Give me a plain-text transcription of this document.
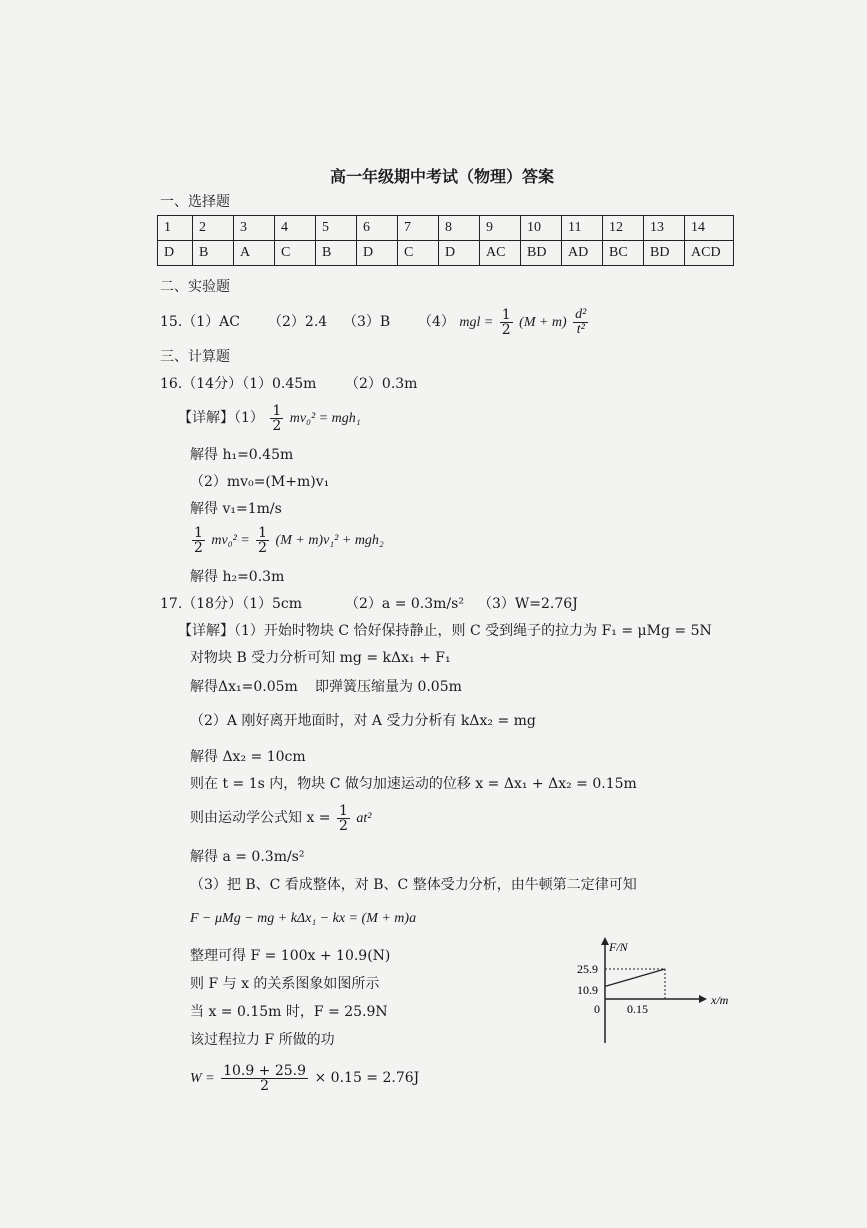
高一年级期中考试（物理）答案
一、选择题
1	2	3	4	5	6	7	8	9	10	11	12	13	14
D	B	A	C	B	D	C	D	AC	BD	AD	BC	BD	ACD
二、实验题
15.（1）AC （2）2.4 （3）B （4） mgl = $\frac{1}{2} (M + m) \frac{\text{d²}}{\text{t²}}$
三、计算题
16.（14分）（1）0.45m （2）0.3m
【详解】$(1) \frac{1}{2} mv_0^2 = mgh_1$
解得 h₁=0.45m
（2）mv₀=(M+m)v₁
解得 v₁=1m/s
$\frac{1}{2} mv_0^2 = \frac{1}{2} (M + m)v_1^2 + mgh_2$
解得 h₂=0.3m
17.（18分）（1）5cm	（2）a = 0.3m/s² （3）W=2.76J
【详解】（1）开始时物块 C 恰好保持静止，则 C 受到绳子的拉力为 F₁ = μMg = 5N
对物块 B 受力分析可知 mg = kΔx₁ + F₁
解得Δx₁=0.05m 即弹簧压缩量为 0.05m
（2）A 刚好离开地面时，对 A 受力分析有 kΔx₂ = mg
解得 Δx₂ = 10cm
则在 t = 1s 内，物块 C 做匀加速运动的位移 x = Δx₁ + Δx₂ = 0.15m
则由运动学公式知 $x = \frac{1}{2} at^2$
解得 a = 0.3m/s²
（3）把 B、C 看成整体，对 B、C 整体受力分析，由牛顿第二定律可知
F − μMg − mg + kΔx₁ − kx = (M + m)a
整理可得 F = 100x + 10.9(N)
则 F 与 x 的关系图象如图所示
当 x = 0.15m 时，F = 25.9N
该过程拉力 F 所做的功
$W = \frac{10.9 + 25.9}{2} \times 0.15 = 2.76J$
F/N
x/m
0 0.15
10.9
25.9
